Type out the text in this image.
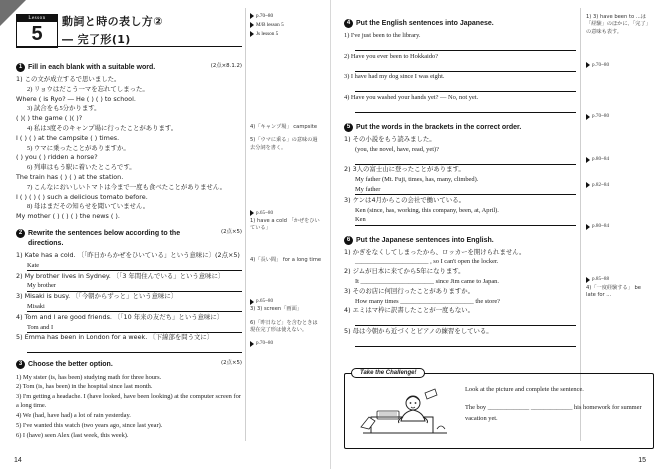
Lesson
5
動詞と時の表し方②
― 完了形(1)
p.70~80
M/B lesson 5
Js lesson 5
1 Fill in each blank with a suitable word.	(2点×8.1.2)
1) この文が成立するで思いました。
2) リョウはだこう一マを忘れてしまった。
Where ( is Ryo? ― He ( ) ( ) to school.
3) 試合をも5分かります。
( )( ) the game ( )( )?
4) 私は3度そのキャンプ場に行ったことがあります。
I ( ) ( ) at the campsite ( ) times.
5) ウマに乗ったことがありますか。
( ) you ( ) ridden a horse?
6) 列車はもう駅に着いたところです。
The train has ( ) ( ) at the station.
7) こんなにおいしいトマトは今まで一度も食べたことがありません。
I ( ) ( ) ( ) such a delicious tomato before.
8) 母はまだその知らせを聞いていません。
My mother ( ) ( ) ( ) the news ( ).
2 Rewrite the sentences below according to the directions.
(2点×5)
1) Kate has a cold. 〔「昨日からかぜをひいている」という意味に〕(2点×5)
Kate
2) My brother lives in Sydney. 〔「3 年間住んでいる」という意味に〕
My brother
3) Misaki is busy. 〔「今朝からずっと」という意味に〕
Misaki
4) Tom and I are good friends. 〔「10 年来の友だち」という意味に〕
Tom and I
5) Emma has been in London for a week. 〔下線部を問う文に〕

3 Choose the better option.	(2点×5)
1) My sister (is, has been) studying math for three hours.
2) Tom (is, has been) in the hospital since last month.
3) I'm getting a headache. I (have looked, have been looking) at the computer screen for a long time.
4) We (had, have had) a lot of rain yesterday.
5) I've wanted this watch (two years ago, since last year).
6) I (have) seen Alex (last week, this week).
4)「キャンプ場」 campsite
5)「ウマに乗る」の意味の過去分詞を書く。
p.65~80
1) have a cold 「かぜをひいている」
4)「長い間」 for a long time
p.65~80
3) 3) screen「画面」
6)「昨日など」を含むときは現在完了形は使えない。
p.70~80
14
4 Put the English sentences into Japanese.
1) I've just been to the library.

2) Have you ever been to Hokkaido?

3) I have had my dog since I was eight.

4) Have you washed your hands yet? ― No, not yet.

5 Put the words in the brackets in the correct order.
1) その小説をもう読みました。
(you, the novel, have, read, yet)?

2) 3人の富士山に登ったことがあります。
My father (Mt. Fuji, times, has, many, climbed).
My father
3) ケンは4月からこの会社で働いている。
Ken (since, has, working, this company, been, at, April).
Ken
6 Put the Japanese sentences into English.
1) かぎをなくしてしまったから、ロッカーを開けられません。
_______________________ , so I can't open the locker.
2) ジムが日本に来てから5年になります。
It _______________________ since Jim came to Japan.
3) そのお店に何回行ったことがありますか。
How many times _______________________ the store?
4) エミはマ枠に訳書したことが一度もない。

5) 母は今朝から近づくとピアノの練習をしている。

1) 3) have been to ...は「経験」のほかに、「完了」の意味も表す。
p.70~80
p.70~80
p.80~84
p.82~84
p.80~84
p.85~88
4)「一度経験する」 be late for ...
Take the Challenge!
Look at the picture and complete the sentence.
The boy _____________ _____________ his homework for summer
vacation yet.
15
